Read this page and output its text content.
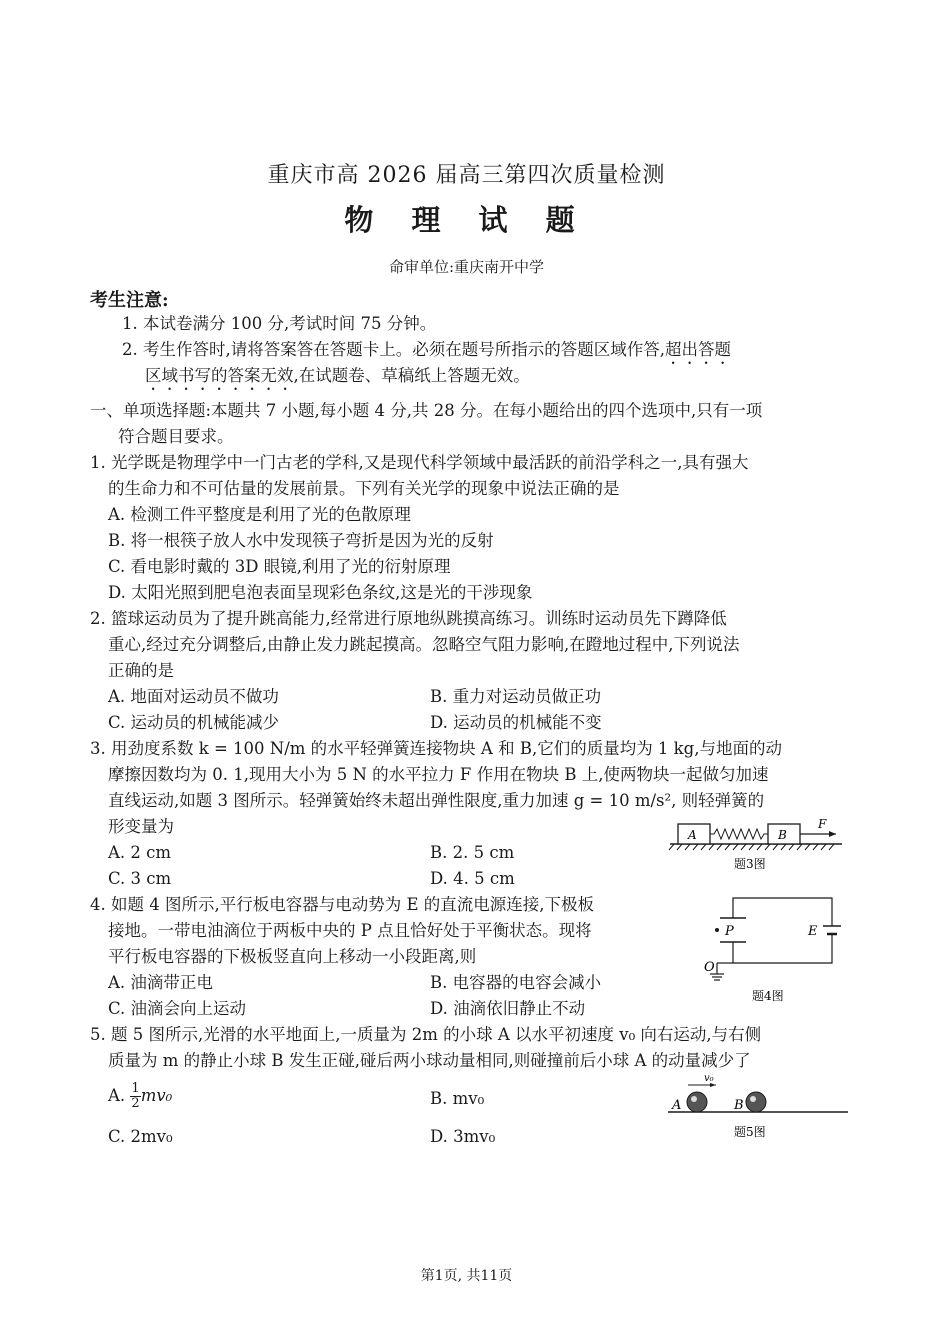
重庆市高 2026 届高三第四次质量检测
物 理 试 题
命审单位:重庆南开中学
考生注意:
1. 本试卷满分 100 分,考试时间 75 分钟。
2. 考生作答时,请将答案答在答题卡上。必须在题号所指示的答题区域作答,超出答题
区域书写的答案无效,在试题卷、草稿纸上答题无效。
一、单项选择题:本题共 7 小题,每小题 4 分,共 28 分。在每小题给出的四个选项中,只有一项
符合题目要求。
1. 光学既是物理学中一门古老的学科,又是现代科学领域中最活跃的前沿学科之一,具有强大
的生命力和不可估量的发展前景。下列有关光学的现象中说法正确的是
A. 检测工件平整度是利用了光的色散原理
B. 将一根筷子放人水中发现筷子弯折是因为光的反射
C. 看电影时戴的 3D 眼镜,利用了光的衍射原理
D. 太阳光照到肥皂泡表面呈现彩色条纹,这是光的干涉现象
2. 篮球运动员为了提升跳高能力,经常进行原地纵跳摸高练习。训练时运动员先下蹲降低
重心,经过充分调整后,由静止发力跳起摸高。忽略空气阻力影响,在蹬地过程中,下列说法
正确的是
A. 地面对运动员不做功	B. 重力对运动员做正功
C. 运动员的机械能减少	D. 运动员的机械能不变
3. 用劲度系数 k = 100 N/m 的水平轻弹簧连接物块 A 和 B,它们的质量均为 1 kg,与地面的动
摩擦因数均为 0. 1,现用大小为 5 N 的水平拉力 F 作用在物块 B 上,使两物块一起做匀加速
直线运动,如题 3 图所示。轻弹簧始终未超出弹性限度,重力加速 g = 10 m/s², 则轻弹簧的
形变量为
A. 2 cm	B. 2. 5 cm
C. 3 cm	D. 4. 5 cm
A	B
F
题3图
4. 如题 4 图所示,平行板电容器与电动势为 E 的直流电源连接,下极板
接地。一带电油滴位于两板中央的 P 点且恰好处于平衡状态。现将
平行板电容器的下极板竖直向上移动一小段距离,则
A. 油滴带正电	B. 电容器的电容会减小
C. 油滴会向上运动	D. 油滴依旧静止不动
P	E
O
题4图
5. 题 5 图所示,光滑的水平地面上,一质量为 2m 的小球 A 以水平初速度 v₀ 向右运动,与右侧
质量为 m 的静止小球 B 发生正碰,碰后两小球动量相同,则碰撞前后小球 A 的动量减少了
A. $\frac{1}{2} mv_0$	B. mv₀
C. 2mv₀	D. 3mv₀
A
v₀
B
题5图
第1页, 共11页
